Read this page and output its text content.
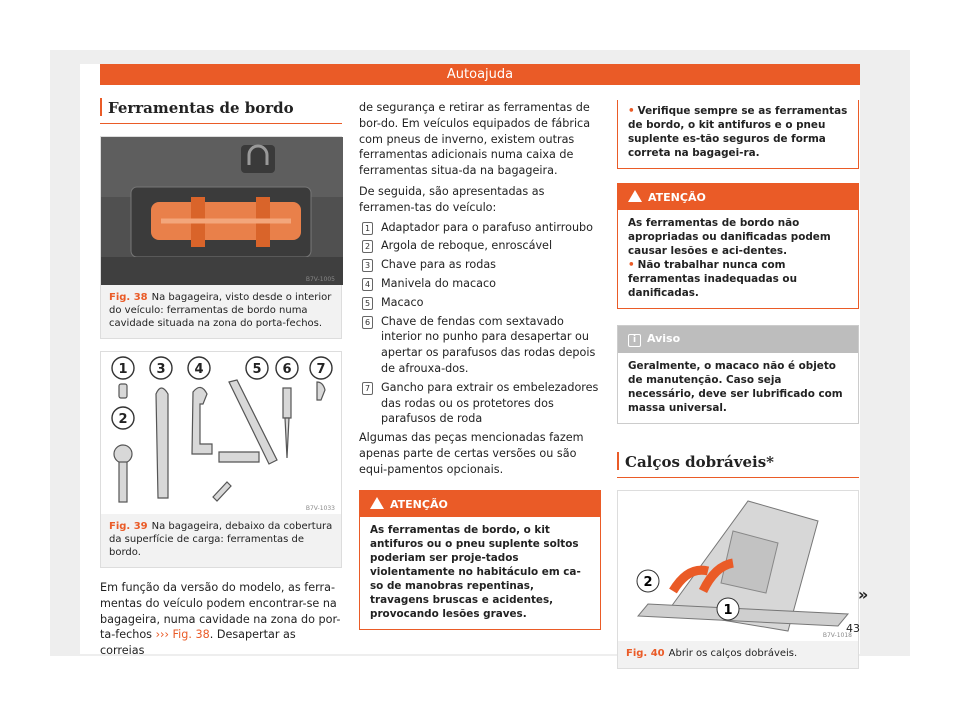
Autoajuda
Ferramentas de bordo
B7V-1005
Fig. 38 Na bagageira, visto desde o interior do veículo: ferramentas de bordo numa cavidade situada na zona do porta-fechos.
1
2
3 4	5 6 7
B7V-1033
Fig. 39 Na bagageira, debaixo da cobertura da superfície de carga: ferramentas de bordo.
Em função da versão do modelo, as ferra-mentas do veículo podem encontrar-se na bagageira, numa cavidade na zona do por-ta-fechos ››› Fig. 38. Desapertar as correias
de segurança e retirar as ferramentas de bor-do. Em veículos equipados de fábrica com pneus de inverno, existem outras ferramentas adicionais numa caixa de ferramentas situa-da na bagageira.
De seguida, são apresentadas as ferramen-tas do veículo:
1 Adaptador para o parafuso antirroubo
2 Argola de reboque, enroscável
3 Chave para as rodas
4 Manivela do macaco
5 Macaco
6 Chave de fendas com sextavado interior no punho para desapertar ou apertar os parafusos das rodas depois de afrouxa-dos.
7 Gancho para extrair os embelezadores das rodas ou os protetores dos parafusos de roda
Algumas das peças mencionadas fazem apenas parte de certas versões ou são equi-pamentos opcionais.
ATENÇÃO
As ferramentas de bordo, o kit antifuros ou o pneu suplente soltos poderiam ser proje-tados violentamente no habitáculo em ca-so de manobras repentinas, travagens bruscas e acidentes, provocando lesões graves.
• Verifique sempre se as ferramentas de bordo, o kit antifuros e o pneu suplente es-tão seguros de forma correta na bagagei-ra.
ATENÇÃO
As ferramentas de bordo não apropriadas ou danificadas podem causar lesões e aci-dentes.
• Não trabalhar nunca com ferramentas inadequadas ou danificadas.
i Aviso
Geralmente, o macaco não é objeto de manutenção. Caso seja necessário, deve ser lubrificado com massa universal.
Calços dobráveis*
2
1
B7V-1018
Fig. 40 Abrir os calços dobráveis.
»
43
